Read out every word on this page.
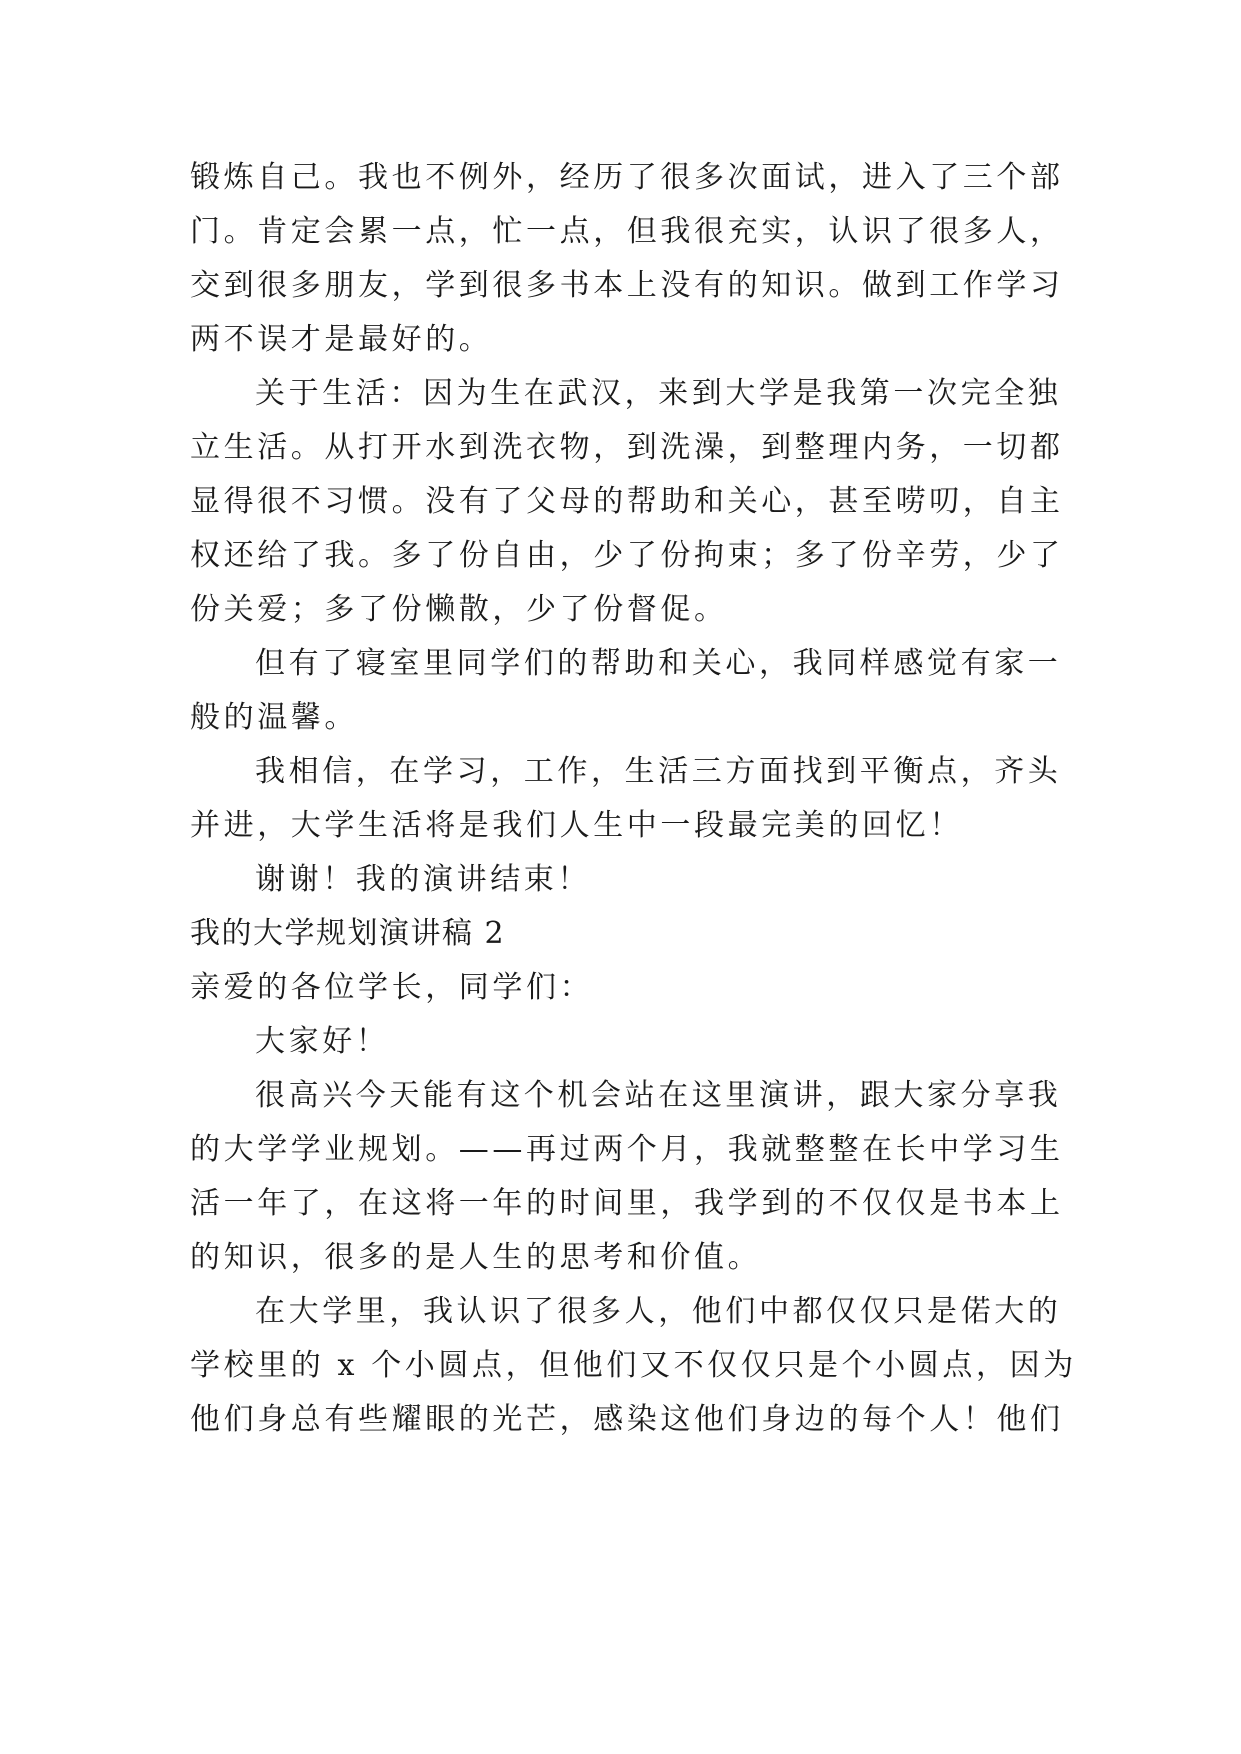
锻炼自己。我也不例外，经历了很多次面试，进入了三个部
门。肯定会累一点，忙一点，但我很充实，认识了很多人，
交到很多朋友，学到很多书本上没有的知识。做到工作学习
两不误才是最好的。
关于生活：因为生在武汉，来到大学是我第一次完全独
立生活。从打开水到洗衣物，到洗澡，到整理内务，一切都
显得很不习惯。没有了父母的帮助和关心，甚至唠叨，自主
权还给了我。多了份自由，少了份拘束；多了份辛劳，少了
份关爱；多了份懒散，少了份督促。
但有了寝室里同学们的帮助和关心，我同样感觉有家一
般的温馨。
我相信，在学习，工作，生活三方面找到平衡点，齐头
并进，大学生活将是我们人生中一段最完美的回忆！
谢谢！我的演讲结束！
我的大学规划演讲稿 2
亲爱的各位学长，同学们：
大家好！
很高兴今天能有这个机会站在这里演讲，跟大家分享我
的大学学业规划。——再过两个月，我就整整在长中学习生
活一年了，在这将一年的时间里，我学到的不仅仅是书本上
的知识，很多的是人生的思考和价值。
在大学里，我认识了很多人，他们中都仅仅只是偌大的
学校里的 x 个小圆点，但他们又不仅仅只是个小圆点，因为
他们身总有些耀眼的光芒，感染这他们身边的每个人！他们
